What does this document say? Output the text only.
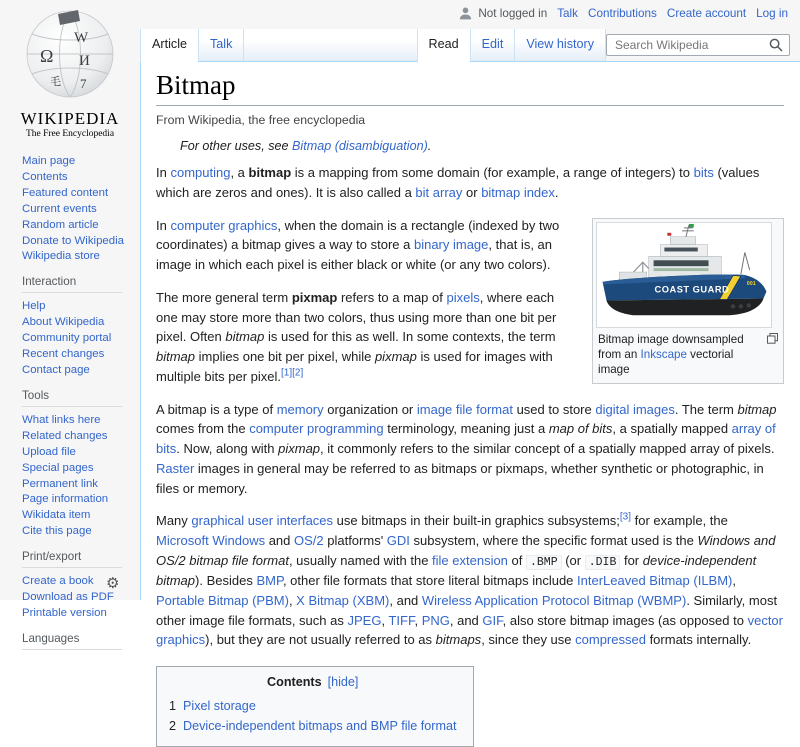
Ω
W
И
7
毛
WIKIPEDIA
The Free Encyclopedia
Main page
Contents
Featured content
Current events
Random article
Donate to Wikipedia
Wikipedia store
Interaction
Help
About Wikipedia
Community portal
Recent changes
Contact page
Tools
What links here
Related changes
Upload file
Special pages
Permanent link
Page information
Wikidata item
Cite this page
Print/export
Create a book
Download as PDF
Printable version
Languages
⚙
Not logged in Talk Contributions Create account Log in
Article	Talk	Read	Edit	View history
Search Wikipedia
Bitmap
From Wikipedia, the free encyclopedia
For other uses, see Bitmap (disambiguation).

In computing, a bitmap is a mapping from some domain (for example, a range of integers) to bits (values which are zeros and ones). It is also called a bit array or bitmap index.

COAST GUARD
001
Bitmap image downsampled from an Inkscape vectorial image

In computer graphics, when the domain is a rectangle (indexed by two coordinates) a bitmap gives a way to store a binary image, that is, an image in which each pixel is either black or white (or any two colors).

The more general term pixmap refers to a map of pixels, where each one may store more than two colors, thus using more than one bit per pixel. Often bitmap is used for this as well. In some contexts, the term bitmap implies one bit per pixel, while pixmap is used for images with multiple bits per pixel.[1][2]

A bitmap is a type of memory organization or image file format used to store digital images. The term bitmap comes from the computer programming terminology, meaning just a map of bits, a spatially mapped array of bits. Now, along with pixmap, it commonly refers to the similar concept of a spatially mapped array of pixels. Raster images in general may be referred to as bitmaps or pixmaps, whether synthetic or photographic, in files or memory.

Many graphical user interfaces use bitmaps in their built-in graphics subsystems;[3] for example, the Microsoft Windows and OS/2 platforms' GDI subsystem, where the specific format used is the Windows and OS/2 bitmap file format, usually named with the file extension of .BMP (or .DIB for device-independent bitmap). Besides BMP, other file formats that store literal bitmaps include InterLeaved Bitmap (ILBM), Portable Bitmap (PBM), X Bitmap (XBM), and Wireless Application Protocol Bitmap (WBMP). Similarly, most other image file formats, such as JPEG, TIFF, PNG, and GIF, also store bitmap images (as opposed to vector graphics), but they are not usually referred to as bitmaps, since they use compressed formats internally.

Contents [hide]
1 Pixel storage
2 Device-independent bitmaps and BMP file format
